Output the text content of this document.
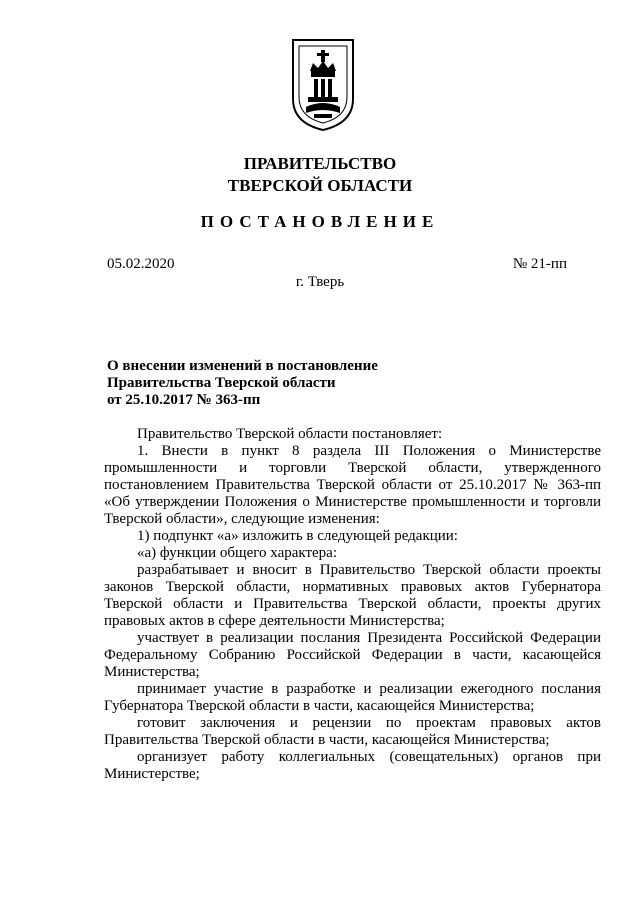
ПРАВИТЕЛЬСТВО
ТВЕРСКОЙ ОБЛАСТИ
ПОСТАНОВЛЕНИЕ
05.02.2020	№ 21-пп
г. Тверь
О внесении изменений в постановление
Правительства Тверской области
от 25.10.2017 № 363-пп

Правительство Тверской области постановляет:

1. Внести в пункт 8 раздела III Положения о Министерстве промышленности и торговли Тверской области, утвержденного постановлением Правительства Тверской области от 25.10.2017 № 363-пп «Об утверждении Положения о Министерстве промышленности и торговли Тверской области», следующие изменения:

1) подпункт «а» изложить в следующей редакции:

«а) функции общего характера:

разрабатывает и вносит в Правительство Тверской области проекты законов Тверской области, нормативных правовых актов Губернатора Тверской области и Правительства Тверской области, проекты других правовых актов в сфере деятельности Министерства;

участвует в реализации послания Президента Российской Федерации Федеральному Собранию Российской Федерации в части, касающейся Министерства;

принимает участие в разработке и реализации ежегодного послания Губернатора Тверской области в части, касающейся Министерства;

готовит заключения и рецензии по проектам правовых актов Правительства Тверской области в части, касающейся Министерства;

организует работу коллегиальных (совещательных) органов при Министерстве;
